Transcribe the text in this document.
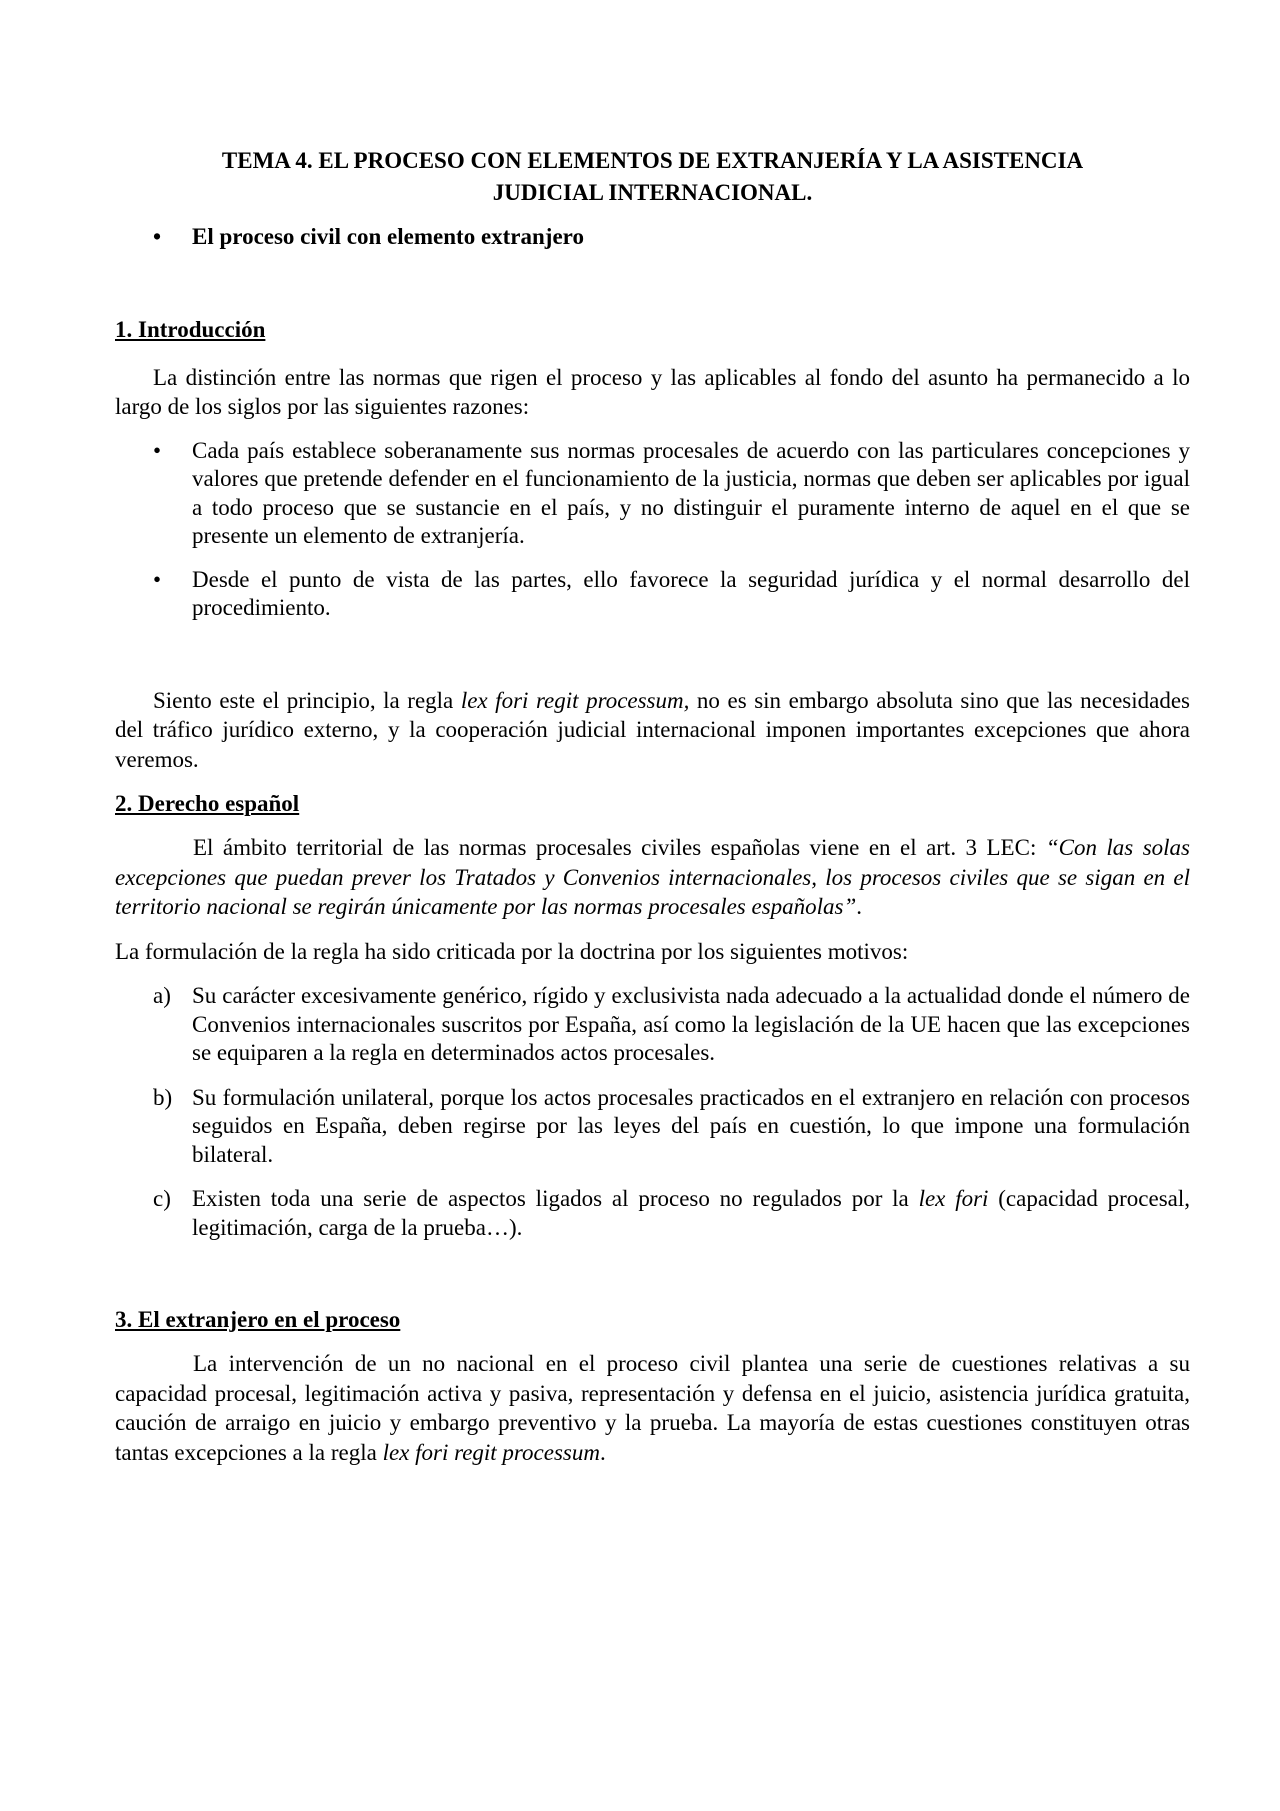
TEMA 4. EL PROCESO CON ELEMENTOS DE EXTRANJERÍA Y LA ASISTENCIA
JUDICIAL INTERNACIONAL.
• El proceso civil con elemento extranjero
1. Introducción

La distinción entre las normas que rigen el proceso y las aplicables al fondo del asunto ha permanecido a lo largo de los siglos por las siguientes razones:

• Cada país establece soberanamente sus normas procesales de acuerdo con las particulares concepciones y valores que pretende defender en el funcionamiento de la justicia, normas que deben ser aplicables por igual a todo proceso que se sustancie en el país, y no distinguir el puramente interno de aquel en el que se presente un elemento de extranjería.
• Desde el punto de vista de las partes, ello favorece la seguridad jurídica y el normal desarrollo del procedimiento.

Siento este el principio, la regla lex fori regit processum, no es sin embargo absoluta sino que las necesidades del tráfico jurídico externo, y la cooperación judicial internacional imponen importantes excepciones que ahora veremos.

2. Derecho español

El ámbito territorial de las normas procesales civiles españolas viene en el art. 3 LEC: “Con las solas excepciones que puedan prever los Tratados y Convenios internacionales, los procesos civiles que se sigan en el territorio nacional se regirán únicamente por las normas procesales españolas”.

La formulación de la regla ha sido criticada por la doctrina por los siguientes motivos:

a) Su carácter excesivamente genérico, rígido y exclusivista nada adecuado a la actualidad donde el número de Convenios internacionales suscritos por España, así como la legislación de la UE hacen que las excepciones se equiparen a la regla en determinados actos procesales.
b) Su formulación unilateral, porque los actos procesales practicados en el extranjero en relación con procesos seguidos en España, deben regirse por las leyes del país en cuestión, lo que impone una formulación bilateral.
c) Existen toda una serie de aspectos ligados al proceso no regulados por la lex fori (capacidad procesal, legitimación, carga de la prueba…).
3. El extranjero en el proceso

La intervención de un no nacional en el proceso civil plantea una serie de cuestiones relativas a su capacidad procesal, legitimación activa y pasiva, representación y defensa en el juicio, asistencia jurídica gratuita, caución de arraigo en juicio y embargo preventivo y la prueba. La mayoría de estas cuestiones constituyen otras tantas excepciones a la regla lex fori regit processum.
